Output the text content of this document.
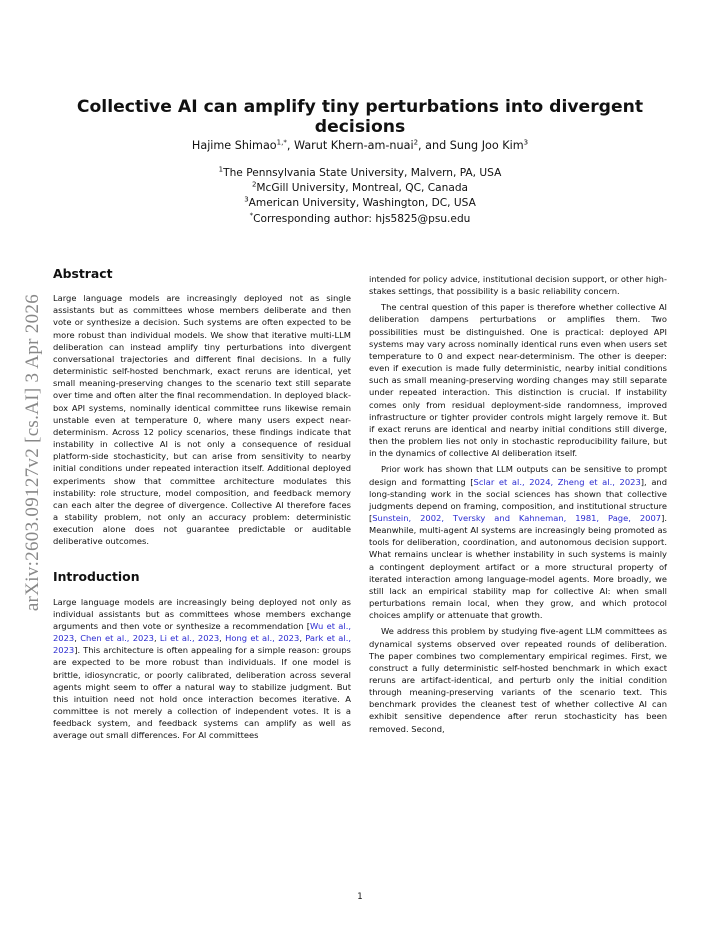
arXiv:2603.09127v2 [cs.AI] 3 Apr 2026
Collective AI can amplify tiny perturbations into divergent decisions
Hajime Shimao$^{1,*}$, Warut Khern-am-nuai$^2$, and Sung Joo Kim$^3$
$^1$The Pennsylvania State University, Malvern, PA, USA
$^2$McGill University, Montreal, QC, Canada
$^3$American University, Washington, DC, USA
*Corresponding author: hjs5825@psu.edu
Abstract

Large language models are increasingly deployed not as single assistants but as committees whose members deliberate and then vote or synthesize a decision. Such systems are often expected to be more robust than individual models. We show that iterative multi-LLM deliberation can instead amplify tiny perturbations into divergent conversational trajectories and different final decisions. In a fully deterministic self-hosted benchmark, exact reruns are identical, yet small meaning-preserving changes to the scenario text still separate over time and often alter the final recommendation. In deployed black-box API systems, nominally identical committee runs likewise remain unstable even at temperature 0, where many users expect near-determinism. Across 12 policy scenarios, these findings indicate that instability in collective AI is not only a consequence of residual platform-side stochasticity, but can arise from sensitivity to nearby initial conditions under repeated interaction itself. Additional deployed experiments show that committee architecture modulates this instability: role structure, model composition, and feedback memory can each alter the degree of divergence. Collective AI therefore faces a stability problem, not only an accuracy problem: deterministic execution alone does not guarantee predictable or auditable deliberative outcomes.

Introduction

Large language models are increasingly being deployed not only as individual assistants but as committees whose members exchange arguments and then vote or synthesize a recommendation [Wu et al., 2023, Chen et al., 2023, Li et al., 2023, Hong et al., 2023, Park et al., 2023]. This architecture is often appealing for a simple reason: groups are expected to be more robust than individuals. If one model is brittle, idiosyncratic, or poorly calibrated, deliberation across several agents might seem to offer a natural way to stabilize judgment. But this intuition need not hold once interaction becomes iterative. A committee is not merely a collection of independent votes. It is a feedback system, and feedback systems can amplify as well as average out small differences. For AI committees

intended for policy advice, institutional decision support, or other high-stakes settings, that possibility is a basic reliability concern.

The central question of this paper is therefore whether collective AI deliberation dampens perturbations or amplifies them. Two possibilities must be distinguished. One is practical: deployed API systems may vary across nominally identical runs even when users set temperature to 0 and expect near-determinism. The other is deeper: even if execution is made fully deterministic, nearby initial conditions such as small meaning-preserving wording changes may still separate under repeated interaction. This distinction is crucial. If instability comes only from residual deployment-side randomness, improved infrastructure or tighter provider controls might largely remove it. But if exact reruns are identical and nearby initial conditions still diverge, then the problem lies not only in stochastic reproducibility failure, but in the dynamics of collective AI deliberation itself.

Prior work has shown that LLM outputs can be sensitive to prompt design and formatting [Sclar et al., 2024, Zheng et al., 2023], and long-standing work in the social sciences has shown that collective judgments depend on framing, composition, and institutional structure [Sunstein, 2002, Tversky and Kahneman, 1981, Page, 2007]. Meanwhile, multi-agent AI systems are increasingly being promoted as tools for deliberation, coordination, and autonomous decision support. What remains unclear is whether instability in such systems is mainly a contingent deployment artifact or a more structural property of iterated interaction among language-model agents. More broadly, we still lack an empirical stability map for collective AI: when small perturbations remain local, when they grow, and which protocol choices amplify or attenuate that growth.

We address this problem by studying five-agent LLM committees as dynamical systems observed over repeated rounds of deliberation. The paper combines two complementary empirical regimes. First, we construct a fully deterministic self-hosted benchmark in which exact reruns are artifact-identical, and perturb only the initial condition through meaning-preserving variants of the scenario text. This benchmark provides the cleanest test of whether collective AI can exhibit sensitive dependence after rerun stochasticity has been removed. Second,

1
